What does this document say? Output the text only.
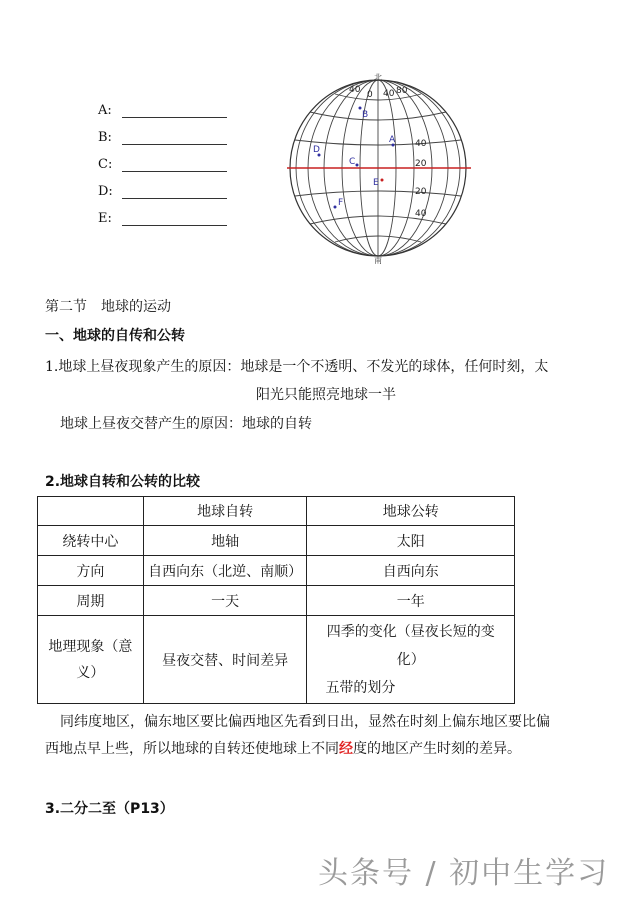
A:
B:
C:
D:
E:
北
南
40 0 40 80
40
20
20
40
A
B
C
D
E
F
第二节　地球的运动
一、地球的自传和公转
1.地球上昼夜现象产生的原因：地球是一个不透明、不发光的球体，任何时刻，太
阳光只能照亮地球一半
地球上昼夜交替产生的原因：地球的自转
2.地球自转和公转的比较
	地球自转	地球公转
绕转中心	地轴	太阳
方向	自西向东（北逆、南顺）	自西向东
周期	一天	一年
地理现象（意
义）	昼夜交替、时间差异	四季的变化（昼夜长短的变
化）
五带的划分
同纬度地区，偏东地区要比偏西地区先看到日出，显然在时刻上偏东地区要比偏
西地点早上些，所以地球的自转还使地球上不同经度的地区产生时刻的差异。
3.二分二至（P13）
头条号 / 初中生学习
